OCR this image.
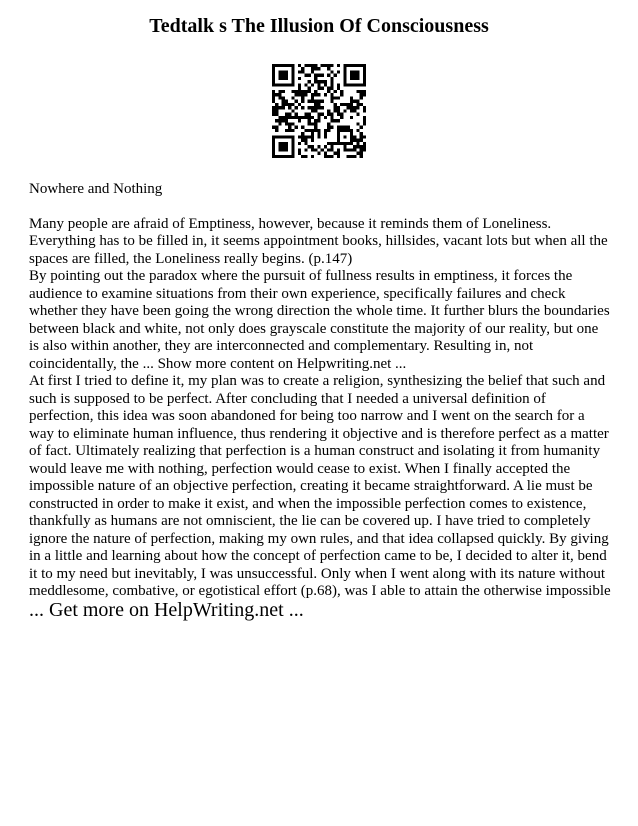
Tedtalk s The Illusion Of Consciousness

Nowhere and Nothing

Many people are afraid of Emptiness, however, because it reminds them of Loneliness. Everything has to be filled in, it seems appointment books, hillsides, vacant lots but when all the spaces are filled, the Loneliness really begins. (p.147)

By pointing out the paradox where the pursuit of fullness results in emptiness, it forces the audience to examine situations from their own experience, specifically failures and check whether they have been going the wrong direction the whole time. It further blurs the boundaries between black and white, not only does grayscale constitute the majority of our reality, but one is also within another, they are interconnected and complementary. Resulting in, not coincidentally, the ... Show more content on Helpwriting.net ...

At first I tried to define it, my plan was to create a religion, synthesizing the belief that such and such is supposed to be perfect. After concluding that I needed a universal definition of perfection, this idea was soon abandoned for being too narrow and I went on the search for a way to eliminate human influence, thus rendering it objective and is therefore perfect as a matter of fact. Ultimately realizing that perfection is a human construct and isolating it from humanity would leave me with nothing, perfection would cease to exist. When I finally accepted the impossible nature of an objective perfection, creating it became straightforward. A lie must be constructed in order to make it exist, and when the impossible perfection comes to existence, thankfully as humans are not omniscient, the lie can be covered up. I have tried to completely ignore the nature of perfection, making my own rules, and that idea collapsed quickly. By giving in a little and learning about how the concept of perfection came to be, I decided to alter it, bend it to my need but inevitably, I was unsuccessful. Only when I went along with its nature without meddlesome, combative, or egotistical effort (p.68), was I able to attain the otherwise impossible

... Get more on HelpWriting.net ...
